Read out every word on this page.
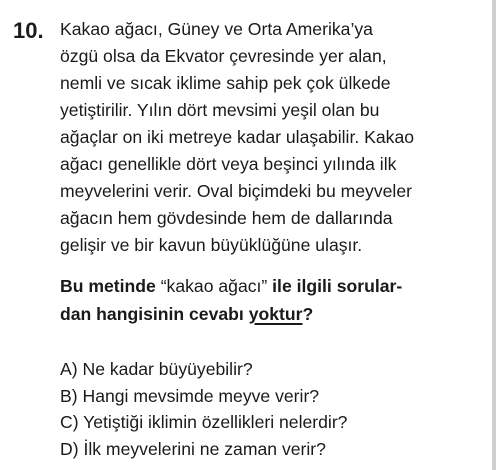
10. Kakao ağacı, Güney ve Orta Amerika’ya
özgü olsa da Ekvator çevresinde yer alan,
nemli ve sıcak iklime sahip pek çok ülkede
yetiştirilir. Yılın dört mevsimi yeşil olan bu
ağaçlar on iki metreye kadar ulaşabilir. Kakao
ağacı genellikle dört veya beşinci yılında ilk
meyvelerini verir. Oval biçimdeki bu meyveler
ağacın hem gövdesinde hem de dallarında
gelişir ve bir kavun büyüklüğüne ulaşır.
Bu metinde “kakao ağacı” ile ilgili sorular-
dan hangisinin cevabı yoktur?
A) Ne kadar büyüyebilir?
B) Hangi mevsimde meyve verir?
C) Yetiştiği iklimin özellikleri nelerdir?
D) İlk meyvelerini ne zaman verir?
